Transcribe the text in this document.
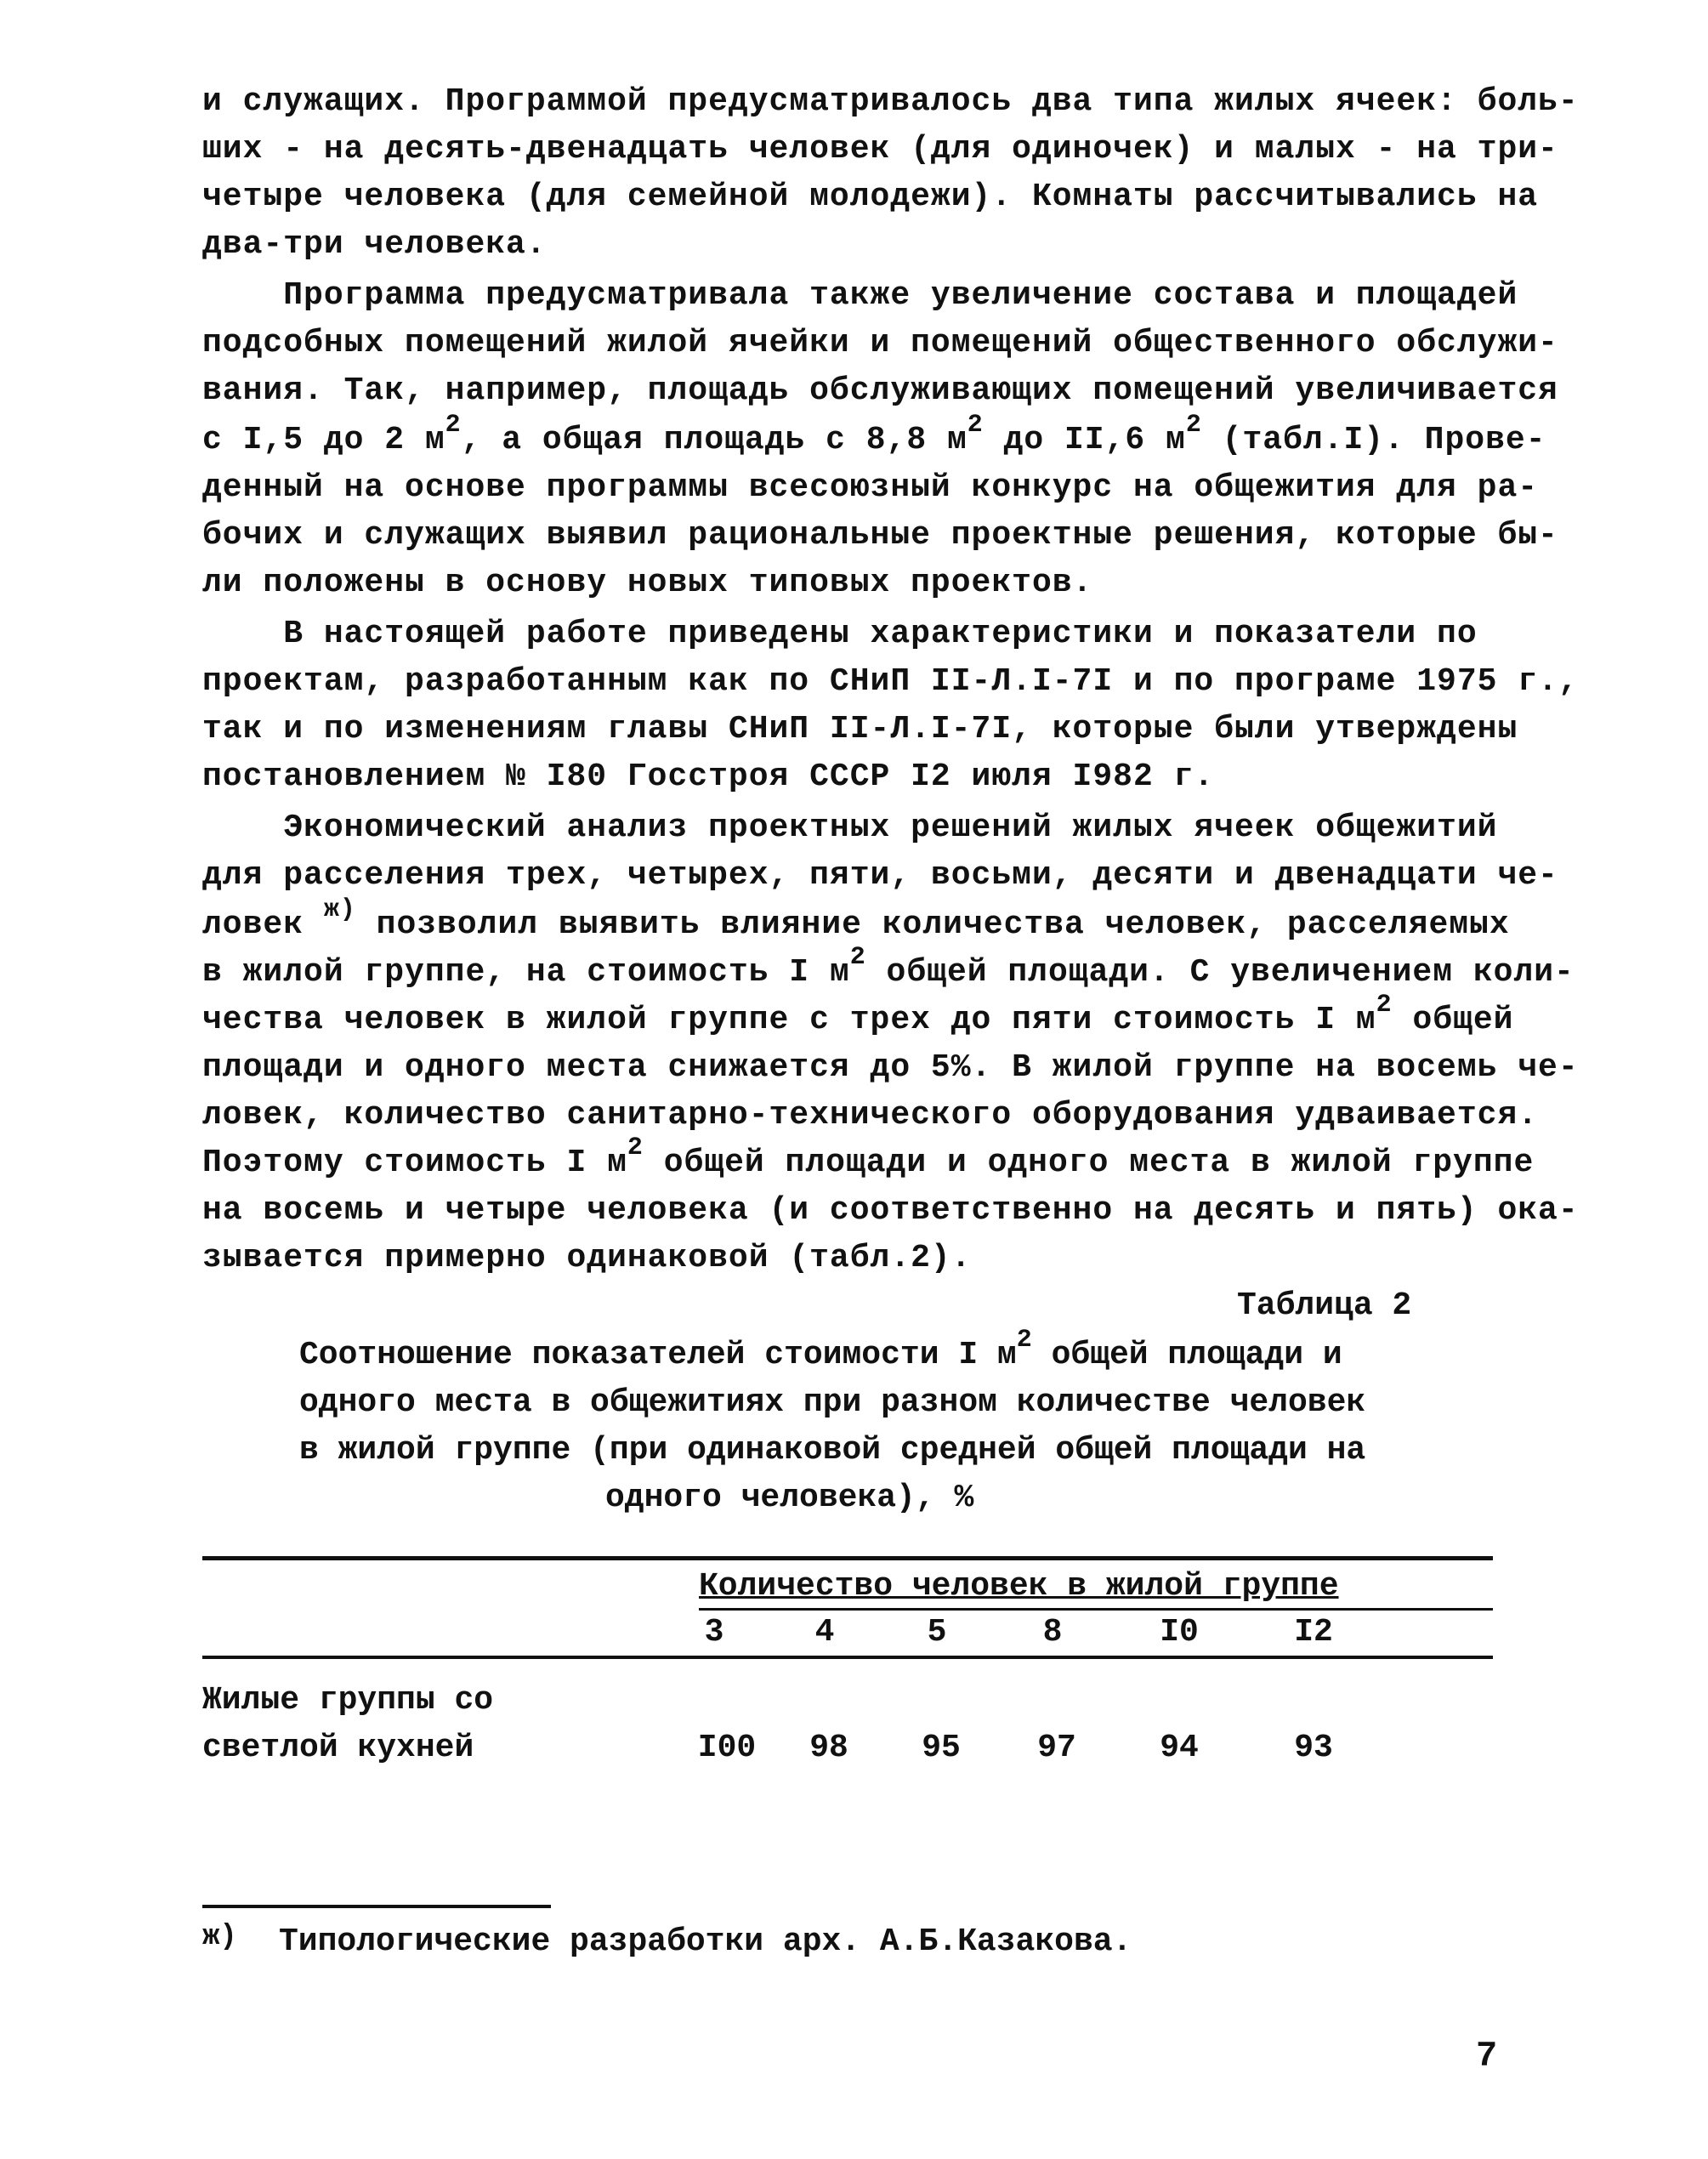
и служащих. Программой предусматривалось два типа жилых ячеек: боль-
ших - на десять-двенадцать человек (для одиночек) и малых - на три-
четыре человека (для семейной молодежи). Комнаты рассчитывались на
два-три человека.
Программа предусматривала также увеличение состава и площадей
подсобных помещений жилой ячейки и помещений общественного обслужи-
вания. Так, например, площадь обслуживающих помещений увеличивается
с I,5 до 2 $м^2$, а общая площадь с 8,8 $м^2$ до II,6 $м^2$ (табл.I). Прове-
денный на основе программы всесоюзный конкурс на общежития для ра-
бочих и служащих выявил рациональные проектные решения, которые бы-
ли положены в основу новых типовых проектов.
В настоящей работе приведены характеристики и показатели по
проектам, разработанным как по СНиП II-Л.I-7I и по програме 1975 г.,
так и по изменениям главы СНиП II-Л.I-7I, которые были утверждены
постановлением № I80 Госстроя СССР I2 июля I982 г.
Экономический анализ проектных решений жилых ячеек общежитий
для расселения трех, четырех, пяти, восьми, десяти и двенадцати че-
ловек $^{ж)}$ позволил выявить влияние количества человек, расселяемых
в жилой группе, на стоимость I $м^2$ общей площади. С увеличением коли-
чества человек в жилой группе с трех до пяти стоимость I $м^2$ общей
площади и одного места снижается до 5%. В жилой группе на восемь че-
ловек, количество санитарно-технического оборудования удваивается.
Поэтому стоимость I $м^2$ общей площади и одного места в жилой группе
на восемь и четыре человека (и соответственно на десять и пять) ока-
зывается примерно одинаковой (табл.2).
Таблица 2
Соотношение показателей стоимости I $м^2$ общей площади и
одного места в общежитиях при разном количестве человек
в жилой группе (при одинаковой средней общей площади на
одного человека), %
Количество человек в жилой группе
3	4	5	8	I0	I2
Жилые группы со
светлой кухней	I00	98	95	97	94	93
ж) Типологические разработки арх. А.Б.Казакова.
7
